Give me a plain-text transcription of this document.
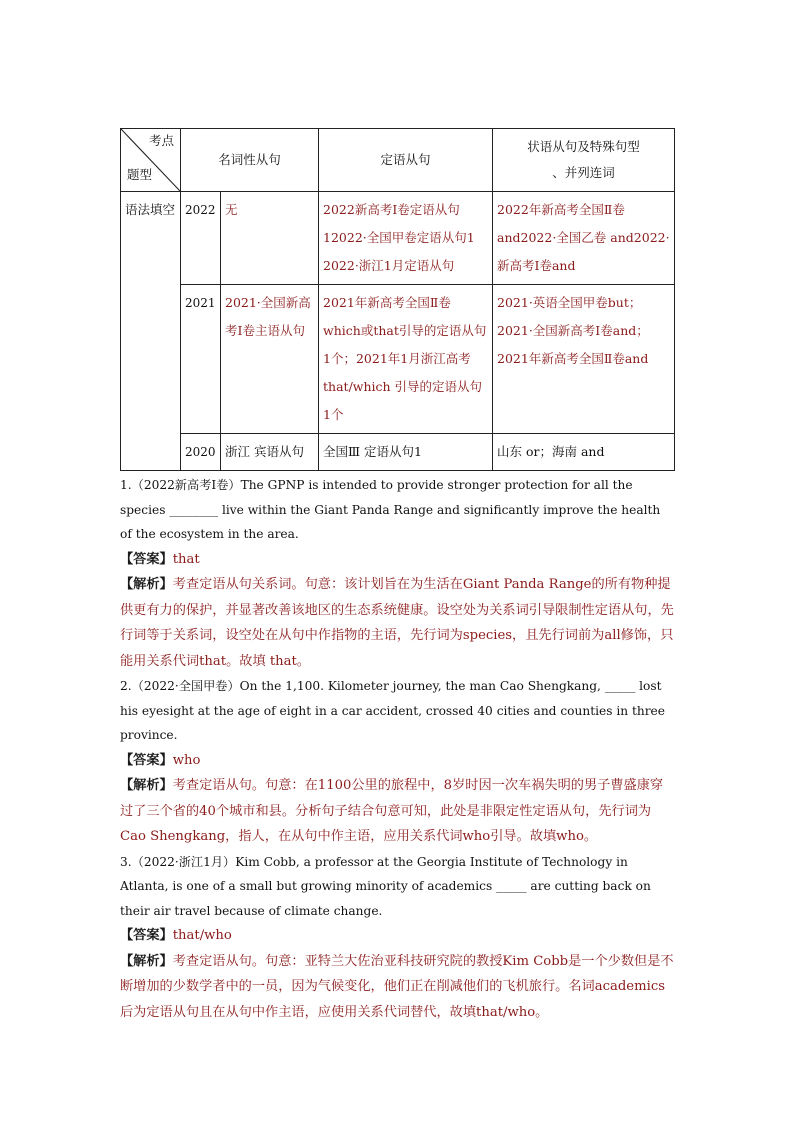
考点
题型	名词性从句		定语从句	状语从句及特殊句型
、并列连词
语法填空	2022	无	2022新高考Ⅰ卷定语从句12022·全国甲卷定语从句1 2022·浙江1月定语从句	2022年新高考全国Ⅱ卷 and2022·全国乙卷 and2022·新高考Ⅰ卷and
	2021	2021·全国新高考Ⅰ卷主语从句	2021年新高考全国Ⅱ卷 which或that引导的定语从句1个；2021年1月浙江高考 that/which 引导的定语从句1个	2021·英语全国甲卷but；2021·全国新高考Ⅰ卷and；2021年新高考全国Ⅱ卷and
	2020	浙江 宾语从句	全国Ⅲ 定语从句1	山东 or；海南 and

1.（2022新高考Ⅰ卷）The GPNP is intended to provide stronger protection for all the species ________ live within the Giant Panda Range and significantly improve the health of the ecosystem in the area.

【答案】that

【解析】考查定语从句关系词。句意：该计划旨在为生活在Giant Panda Range的所有物种提供更有力的保护，并显著改善该地区的生态系统健康。设空处为关系词引导限制性定语从句，先行词等于关系词，设空处在从句中作指物的主语，先行词为species，且先行词前为all修饰，只能用关系代词that。故填 that。

2.（2022·全国甲卷）On the 1,100. Kilometer journey, the man Cao Shengkang, _____ lost his eyesight at the age of eight in a car accident, crossed 40 cities and counties in three province.

【答案】who

【解析】考查定语从句。句意：在1100公里的旅程中，8岁时因一次车祸失明的男子曹盛康穿过了三个省的40个城市和县。分析句子结合句意可知，此处是非限定性定语从句，先行词为Cao Shengkang，指人，在从句中作主语，应用关系代词who引导。故填who。

3.（2022·浙江1月）Kim Cobb, a professor at the Georgia Institute of Technology in Atlanta, is one of a small but growing minority of academics _____ are cutting back on their air travel because of climate change.

【答案】that/who

【解析】考查定语从句。句意：亚特兰大佐治亚科技研究院的教授Kim Cobb是一个少数但是不断增加的少数学者中的一员，因为气候变化，他们正在削减他们的飞机旅行。名词academics后为定语从句且在从句中作主语，应使用关系代词替代，故填that/who。
